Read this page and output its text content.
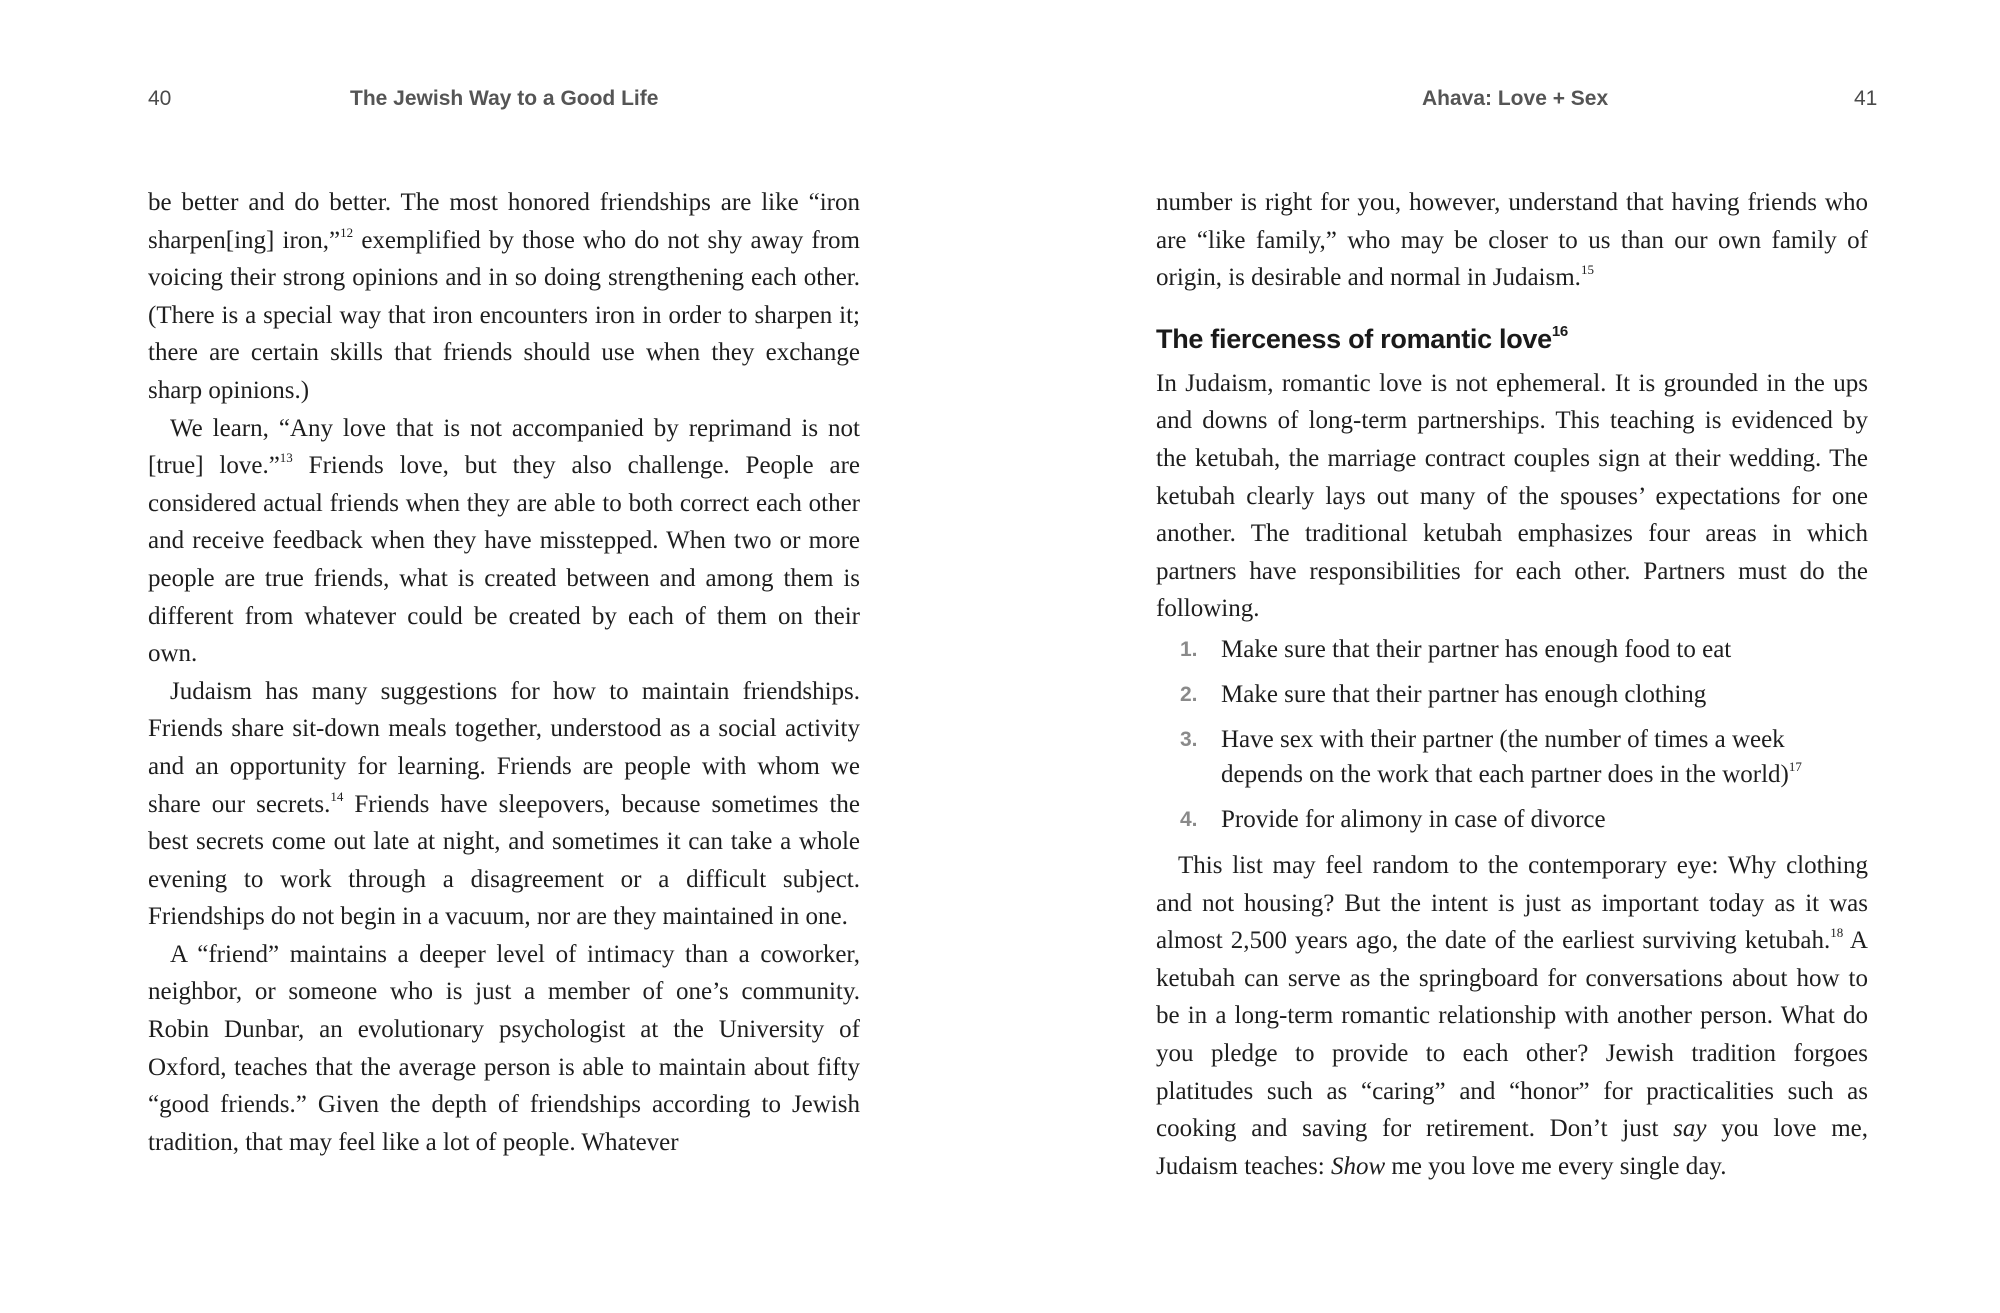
40	The Jewish Way to a Good Life

be better and do better. The most honored friendships are like “iron sharpen[ing] iron,”$^{12}$ exemplified by those who do not shy away from voicing their strong opinions and in so doing strengthening each other. (There is a special way that iron encounters iron in order to sharpen it; there are certain skills that friends should use when they exchange sharp opinions.)

We learn, “Any love that is not accompanied by reprimand is not [true] love.”$^{13}$ Friends love, but they also challenge. People are considered actual friends when they are able to both correct each other and receive feedback when they have misstepped. When two or more people are true friends, what is created between and among them is different from whatever could be created by each of them on their own.

Judaism has many suggestions for how to maintain friendships. Friends share sit-down meals together, understood as a social activity and an opportunity for learning. Friends are people with whom we share our secrets.$^{14}$ Friends have sleepovers, because sometimes the best secrets come out late at night, and sometimes it can take a whole evening to work through a disagreement or a difficult subject. Friendships do not begin in a vacuum, nor are they maintained in one.

A “friend” maintains a deeper level of intimacy than a coworker, neighbor, or someone who is just a member of one’s community. Robin Dunbar, an evolutionary psychologist at the University of Oxford, teaches that the average person is able to maintain about fifty “good friends.” Given the depth of friendships according to Jewish tradition, that may feel like a lot of people. Whatever

Ahava: Love + Sex	41

number is right for you, however, understand that having friends who are “like family,” who may be closer to us than our own family of origin, is desirable and normal in Judaism.$^{15}$

The fierceness of romantic love$^{16}$

In Judaism, romantic love is not ephemeral. It is grounded in the ups and downs of long-term partnerships. This teaching is evidenced by the ketubah, the marriage contract couples sign at their wedding. The ketubah clearly lays out many of the spouses’ expectations for one another. The traditional ketubah emphasizes four areas in which partners have responsibilities for each other. Partners must do the following.

1. Make sure that their partner has enough food to eat
2. Make sure that their partner has enough clothing
3. Have sex with their partner (the number of times a week depends on the work that each partner does in the world)$^{17}$
4. Provide for alimony in case of divorce

This list may feel random to the contemporary eye: Why clothing and not housing? But the intent is just as important today as it was almost 2,500 years ago, the date of the earliest surviving ketubah.$^{18}$ A ketubah can serve as the springboard for conversations about how to be in a long-term romantic relationship with another person. What do you pledge to provide to each other? Jewish tradition forgoes platitudes such as “caring” and “honor” for practicalities such as cooking and saving for retirement. Don’t just say you love me, Judaism teaches: Show me you love me every single day.
